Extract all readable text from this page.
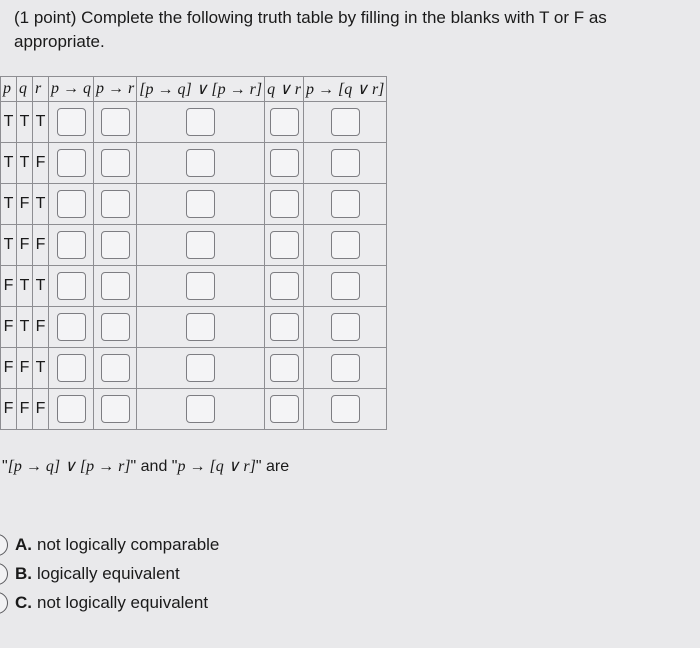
(1 point) Complete the following truth table by filling in the blanks with T or F as appropriate.
p	q	r	p → q	p → r	[p → q] ∨ [p → r]	q ∨ r	p → [q ∨ r]
T	T	T					
T	T	F					
T	F	T					
T	F	F					
F	T	T					
F	T	F					
F	F	T					
F	F	F					
"[p → q] ∨ [p → r]" and "p → [q ∨ r]" are
A. not logically comparable
B. logically equivalent
C. not logically equivalent
